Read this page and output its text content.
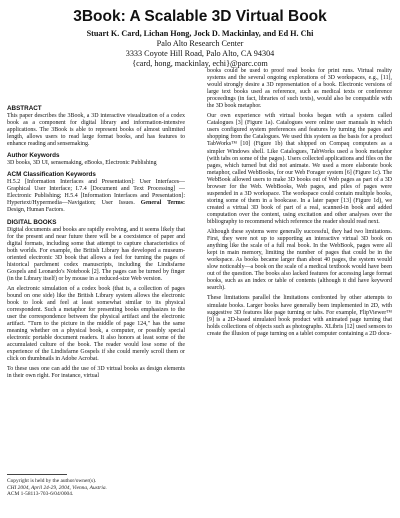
3Book: A Scalable 3D Virtual Book
Stuart K. Card, Lichan Hong, Jock D. Mackinlay, and Ed H. Chi
Palo Alto Research Center
3333 Coyote Hill Road, Palo Alto, CA 94304
{card, hong, mackinlay, echi}@parc.com
ABSTRACT

This paper describes the 3Book, a 3D interactive visualization of a codex book as a component for digital library and information-intensive applications. The 3Book is able to represent books of almost unlimited length, allows users to read large format books, and has features to enhance reading and sensemaking.

Author Keywords

3D books, 3D UI, sensemaking, eBooks, Electronic Publishing

ACM Classification Keywords

H.5.2 [Information Interfaces and Presentation]: User Interfaces—Graphical User Interface; I.7.4 [Document and Text Processing] —Electronic Publishing; H.5.4 [Information Interfaces and Presentation]: Hypertext/Hypermedia—Navigation; User Issues. General Terms: Design, Human Factors.

DIGITAL BOOKS

Digital documents and books are rapidly evolving, and it seems likely that for the present and near future there will be a coexistence of paper and digital formats, including some that attempt to capture characteristics of both worlds. For example, the British Library has developed a museum-oriented electronic 3D book that allows a feel for turning the pages of historical parchment codex manuscripts, including the Lindisfarne Gospels and Leonardo's Notebook [2]. The pages can be turned by finger (in the Library itself) or by mouse in a reduced-size Web version.

An electronic simulation of a codex book (that is, a collection of pages bound on one side) like the British Library system allows the electronic book to look and feel at least somewhat similar to its physical correspondent. Such a metaphor for presenting books emphasizes to the user the correspondence between the physical artifact and the electronic artifact. "Turn to the picture in the middle of page 124," has the same meaning whether on a physical book, a computer, or possibly special electronic portable document readers. It also honors at least some of the accumulated culture of the book. The reader would lose some of the experience of the Lindisfarne Gospels if she could merely scroll them or click on thumbnails in Adobe Acrobat.

To these uses one can add the use of 3D virtual books as design elements in their own right. For instance, virtual

Copyright is held by the author/owner(s).
CHI 2004, April 24-29, 2004, Vienna, Austria.
ACM 1-58113-703-6/04/0004.

books could be used to proof read books for print runs. Virtual reality systems and the several ongoing explorations of 3D workspaces, e.g., [11], would strongly desire a 3D representation of a book. Electronic versions of large text books used as reference, such as medical texts or conference proceedings (in fact, libraries of such texts), would also be compatible with the 3D book metaphor.

Our own experience with virtual books began with a system called Catalogues [3] (Figure 1a). Catalogues were online user manuals in which users configured system preferences and features by turning the pages and shopping from the Catalogues. We used this system as the basis for a product TabWorks™ [10] (Figure 1b) that shipped on Compaq computers as a simpler Windows shell. Like Catalogues, TabWorks used a book metaphor (with tabs on some of the pages). Users collected applications and files on the pages, which turned but did not animate. We used a more elaborate book metaphor, called WebBooks, for our Web Forager system [6] (Figure 1c). The WebBook allowed users to make 3D books out of Web pages as part of a 3D browser for the Web. WebBooks, Web pages, and piles of pages were suspended in a 3D workspace. The workspace could contain multiple books, storing some of them in a bookcase. In a later paper [13] (Figure 1d), we created a virtual 3D book of part of a real, scanned-in book and added computation over the content, using excitation and other analyses over the bibliography to recommend which reference the reader should read next.

Although these systems were generally successful, they had two limitations. First, they were not up to supporting an interactive virtual 3D book on anything like the scale of a full real book. In the WebBook, pages were all kept in main memory, limiting the number of pages that could be in the workspace. As books became larger than about 40 pages, the system would slow noticeably—a book on the scale of a medical textbook would have been out of the question. The books also lacked features for accessing large format books, such as an index or table of contents (although it did have keyword search).

These limitations parallel the limitations confronted by other attempts to simulate books. Larger books have generally been implemented in 2D, with suggestive 3D features like page turning or tabs. For example, FlipViewer™ [9] is a 2D-based simulated book product with animated page turning that holds collections of objects such as photographs. XLibris [12] used sensors to create the illusion of page turning on a tablet computer containing a 2D docu-
